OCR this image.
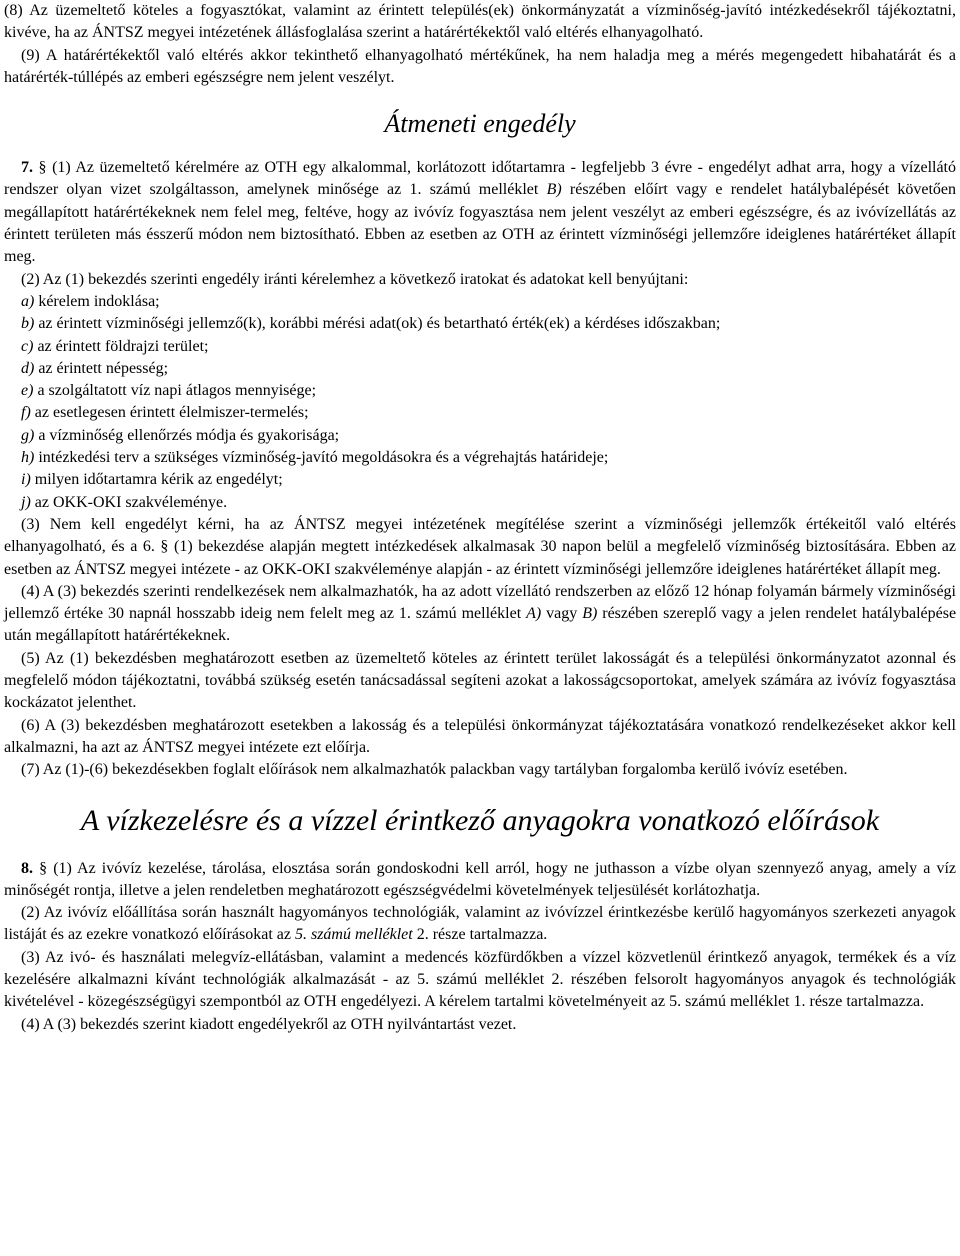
(8) Az üzemeltető köteles a fogyasztókat, valamint az érintett település(ek) önkormányzatát a vízminőség-javító intézkedésekről tájékoztatni, kivéve, ha az ÁNTSZ megyei intézetének állásfoglalása szerint a határértékektől való eltérés elhanyagolható.

(9) A határértékektől való eltérés akkor tekinthető elhanyagolható mértékűnek, ha nem haladja meg a mérés megengedett hibahatárát és a határérték-túllépés az emberi egészségre nem jelent veszélyt.

Átmeneti engedély

7. § (1) Az üzemeltető kérelmére az OTH egy alkalommal, korlátozott időtartamra - legfeljebb 3 évre - engedélyt adhat arra, hogy a vízellátó rendszer olyan vizet szolgáltasson, amelynek minősége az 1. számú melléklet B) részében előírt vagy e rendelet hatálybalépését követően megállapított határértékeknek nem felel meg, feltéve, hogy az ivóvíz fogyasztása nem jelent veszélyt az emberi egészségre, és az ivóvízellátás az érintett területen más ésszerű módon nem biztosítható. Ebben az esetben az OTH az érintett vízminőségi jellemzőre ideiglenes határértéket állapít meg.

(2) Az (1) bekezdés szerinti engedély iránti kérelemhez a következő iratokat és adatokat kell benyújtani:

a) kérelem indoklása;

b) az érintett vízminőségi jellemző(k), korábbi mérési adat(ok) és betartható érték(ek) a kérdéses időszakban;

c) az érintett földrajzi terület;

d) az érintett népesség;

e) a szolgáltatott víz napi átlagos mennyisége;

f) az esetlegesen érintett élelmiszer-termelés;

g) a vízminőség ellenőrzés módja és gyakorisága;

h) intézkedési terv a szükséges vízminőség-javító megoldásokra és a végrehajtás határideje;

i) milyen időtartamra kérik az engedélyt;

j) az OKK-OKI szakvéleménye.

(3) Nem kell engedélyt kérni, ha az ÁNTSZ megyei intézetének megítélése szerint a vízminőségi jellemzők értékeitől való eltérés elhanyagolható, és a 6. § (1) bekezdése alapján megtett intézkedések alkalmasak 30 napon belül a megfelelő vízminőség biztosítására. Ebben az esetben az ÁNTSZ megyei intézete - az OKK-OKI szakvéleménye alapján - az érintett vízminőségi jellemzőre ideiglenes határértéket állapít meg.

(4) A (3) bekezdés szerinti rendelkezések nem alkalmazhatók, ha az adott vízellátó rendszerben az előző 12 hónap folyamán bármely vízminőségi jellemző értéke 30 napnál hosszabb ideig nem felelt meg az 1. számú melléklet A) vagy B) részében szereplő vagy a jelen rendelet hatálybalépése után megállapított határértékeknek.

(5) Az (1) bekezdésben meghatározott esetben az üzemeltető köteles az érintett terület lakosságát és a települési önkormányzatot azonnal és megfelelő módon tájékoztatni, továbbá szükség esetén tanácsadással segíteni azokat a lakosságcsoportokat, amelyek számára az ivóvíz fogyasztása kockázatot jelenthet.

(6) A (3) bekezdésben meghatározott esetekben a lakosság és a települési önkormányzat tájékoztatására vonatkozó rendelkezéseket akkor kell alkalmazni, ha azt az ÁNTSZ megyei intézete ezt előírja.

(7) Az (1)-(6) bekezdésekben foglalt előírások nem alkalmazhatók palackban vagy tartályban forgalomba kerülő ivóvíz esetében.

A vízkezelésre és a vízzel érintkező anyagokra vonatkozó előírások

8. § (1) Az ivóvíz kezelése, tárolása, elosztása során gondoskodni kell arról, hogy ne juthasson a vízbe olyan szennyező anyag, amely a víz minőségét rontja, illetve a jelen rendeletben meghatározott egészségvédelmi követelmények teljesülését korlátozhatja.

(2) Az ivóvíz előállítása során használt hagyományos technológiák, valamint az ivóvízzel érintkezésbe kerülő hagyományos szerkezeti anyagok listáját és az ezekre vonatkozó előírásokat az 5. számú melléklet 2. része tartalmazza.

(3) Az ivó- és használati melegvíz-ellátásban, valamint a medencés közfürdőkben a vízzel közvetlenül érintkező anyagok, termékek és a víz kezelésére alkalmazni kívánt technológiák alkalmazását - az 5. számú melléklet 2. részében felsorolt hagyományos anyagok és technológiák kivételével - közegészségügyi szempontból az OTH engedélyezi. A kérelem tartalmi követelményeit az 5. számú melléklet 1. része tartalmazza.

(4) A (3) bekezdés szerint kiadott engedélyekről az OTH nyilvántartást vezet.
